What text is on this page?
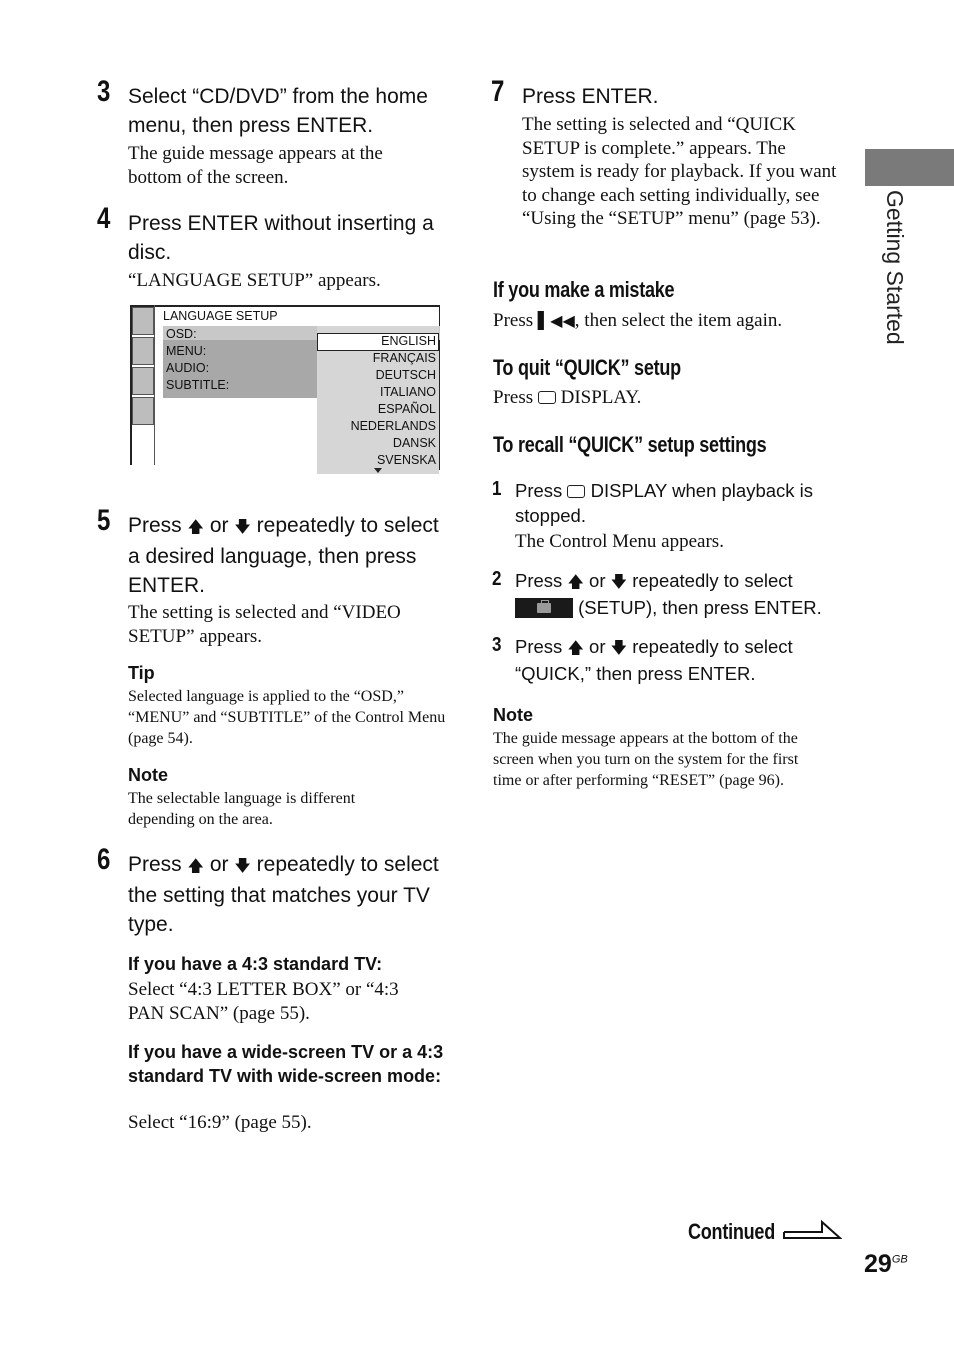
Getting Started
3 Select “CD/DVD” from the home menu, then press ENTER.
The guide message appears at the bottom of the screen.
4 Press ENTER without inserting a disc.
“LANGUAGE SETUP” appears.
LANGUAGE SETUP
OSD:
MENU:
AUDIO:
SUBTITLE:
ENGLISH
FRANÇAIS
DEUTSCH
ITALIANO
ESPAÑOL
NEDERLANDS
DANSK
SVENSKA
5 Press 🡅 or 🡇 repeatedly to select a desired language, then press ENTER.
The setting is selected and “VIDEO SETUP” appears.
Tip
Selected language is applied to the “OSD,” “MENU” and “SUBTITLE” of the Control Menu (page 54).
Note
The selectable language is different depending on the area.
6 Press 🡅 or 🡇 repeatedly to select the setting that matches your TV type.
If you have a 4:3 standard TV:
Select “4:3 LETTER BOX” or “4:3 PAN SCAN” (page 55).
If you have a wide-screen TV or a 4:3 standard TV with wide-screen mode:
Select “16:9” (page 55).
7 Press ENTER.
The setting is selected and “QUICK SETUP is complete.” appears. The system is ready for playback. If you want to change each setting individually, see “Using the “SETUP” menu” (page 53).
If you make a mistake
Press ▌◀◀, then select the item again.
To quit “QUICK” setup
Press DISPLAY.
To recall “QUICK” setup settings
1 Press DISPLAY when playback is stopped.
The Control Menu appears.
2 Press 🡅 or 🡇 repeatedly to select

(SETUP), then press ENTER.
3 Press 🡅 or 🡇 repeatedly to select “QUICK,” then press ENTER.
Note
The guide message appears at the bottom of the screen when you turn on the system for the first time or after performing “RESET” (page 96).
Continued
$29^{GB}$
